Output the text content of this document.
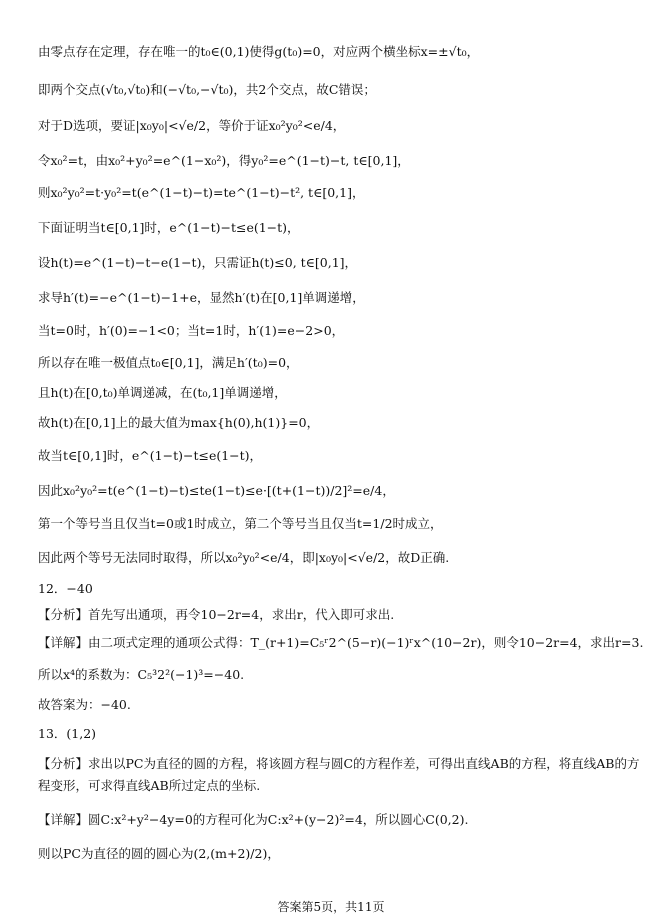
由零点存在定理，存在唯一的t₀∈(0,1)使得g(t₀)=0，对应两个横坐标x=±√t₀，
即两个交点(√t₀,√t₀)和(−√t₀,−√t₀)，共2个交点，故C错误；
对于D选项，要证|x₀y₀|<√e/2，等价于证x₀²y₀²<e/4，
令x₀²=t，由x₀²+y₀²=e^(1−x₀²)，得y₀²=e^(1−t)−t, t∈[0,1]，
则x₀²y₀²=t·y₀²=t(e^(1−t)−t)=te^(1−t)−t², t∈[0,1]，
下面证明当t∈[0,1]时，e^(1−t)−t≤e(1−t)，
设h(t)=e^(1−t)−t−e(1−t)，只需证h(t)≤0, t∈[0,1]，
求导h′(t)=−e^(1−t)−1+e，显然h′(t)在[0,1]单调递增，
当t=0时，h′(0)=−1<0；当t=1时，h′(1)=e−2>0，
所以存在唯一极值点t₀∈[0,1]，满足h′(t₀)=0，
且h(t)在[0,t₀)单调递减，在(t₀,1]单调递增，
故h(t)在[0,1]上的最大值为max{h(0),h(1)}=0，
故当t∈[0,1]时，e^(1−t)−t≤e(1−t)，
因此x₀²y₀²=t(e^(1−t)−t)≤te(1−t)≤e·[(t+(1−t))/2]²=e/4，
第一个等号当且仅当t=0或1时成立，第二个等号当且仅当t=1/2时成立，
因此两个等号无法同时取得，所以x₀²y₀²<e/4，即|x₀y₀|<√e/2，故D正确.
12．−40
【分析】首先写出通项，再令10−2r=4，求出r，代入即可求出.
【详解】由二项式定理的通项公式得：T_(r+1)=C₅ʳ2^(5−r)(−1)ʳx^(10−2r)，则令10−2r=4，求出r=3.
所以x⁴的系数为：C₅³2²(−1)³=−40.
故答案为：−40.
13．(1,2)
【分析】求出以PC为直径的圆的方程，将该圆方程与圆C的方程作差，可得出直线AB的方程，将直线AB的方程变形，可求得直线AB所过定点的坐标.
【详解】圆C:x²+y²−4y=0的方程可化为C:x²+(y−2)²=4，所以圆心C(0,2).
则以PC为直径的圆的圆心为(2,(m+2)/2)，
答案第5页，共11页
